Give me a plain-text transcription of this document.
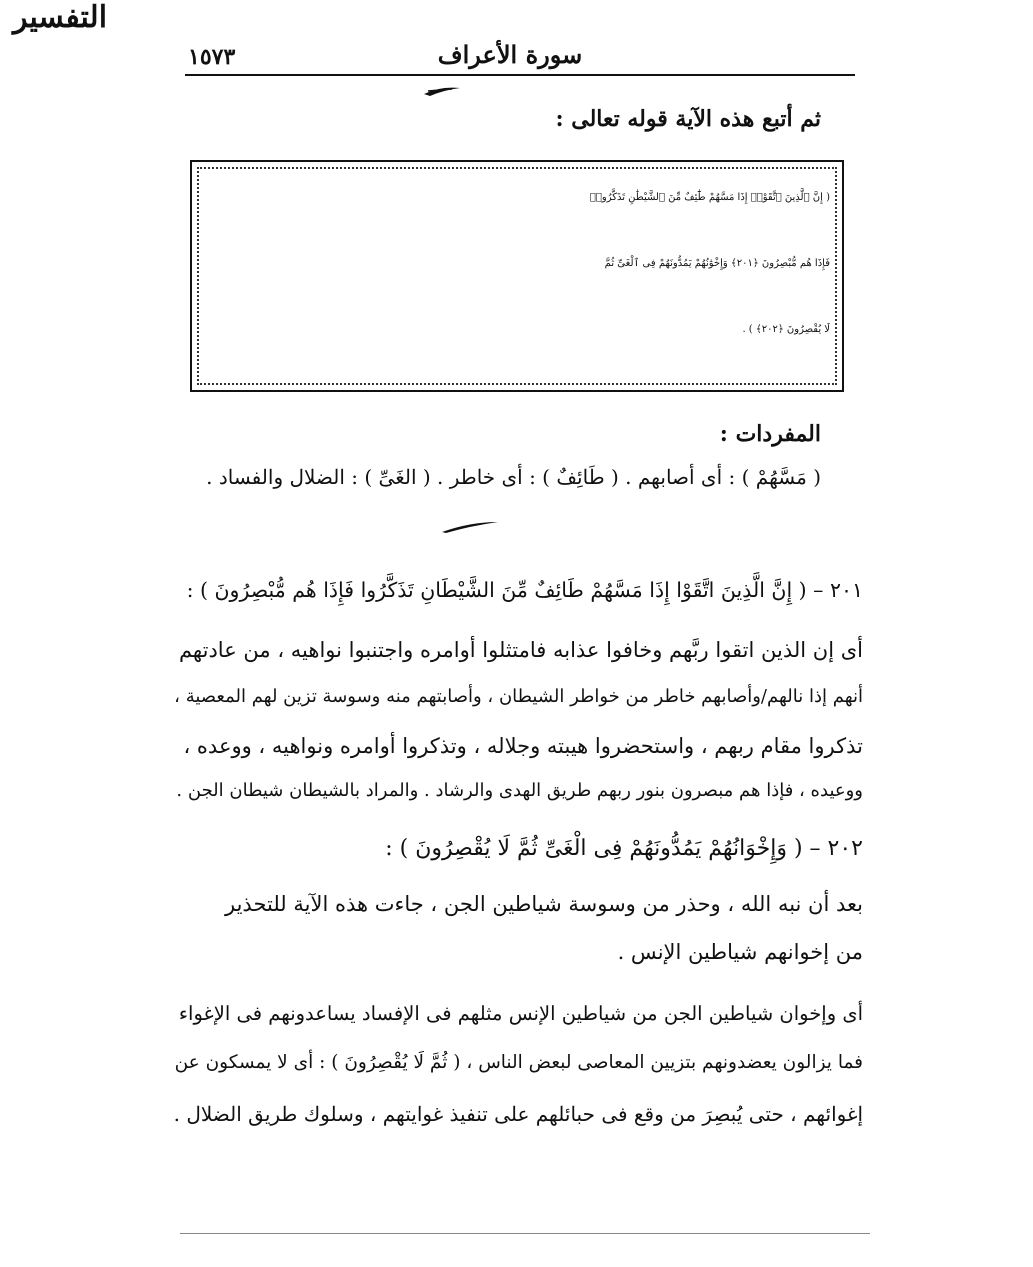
١٥٧٣	سورة الأعراف
ثم أتبع هذه الآية قوله تعالى :
( إِنَّ ٱلَّذِينَ ٱتَّقَوْا۟ إِذَا مَسَّهُمْ طَٰٓئِفٌ مِّنَ ٱلشَّيْطَٰنِ تَذَكَّرُوا۟
فَإِذَا هُم مُّبْصِرُونَ ﴿٢٠١﴾ وَإِخْوَٰنُهُمْ يَمُدُّونَهُمْ فِى ٱلْغَىِّ ثُمَّ
لَا يُقْصِرُونَ ﴿٢٠٢﴾ ) .
المفردات :
( مَسَّهُمْ ) : أى أصابهم . ( طَائِفٌ ) : أى خاطر . ( الغَىِّ ) : الضلال والفساد .
التفسير
٢٠١ – ( إِنَّ الَّذِينَ اتَّقَوْا إِذَا مَسَّهُمْ طَائِفٌ مِّنَ الشَّيْطَانِ تَذَكَّرُوا فَإِذَا هُم مُّبْصِرُونَ ) :
أى إن الذين اتقوا ربَّهم وخافوا عذابه فامتثلوا أوامره واجتنبوا نواهيه ، من عادتهم
أنهم إذا نالهم/وأصابهم خاطر من خواطر الشيطان ، وأصابتهم منه وسوسة تزين لهم المعصية ،
تذكروا مقام ربهم ، واستحضروا هيبته وجلاله ، وتذكروا أوامره ونواهيه ، ووعده ،
ووعيده ، فإذا هم مبصرون بنور ربهم طريق الهدى والرشاد . والمراد بالشيطان شيطان الجن .
٢٠٢ – ( وَإِخْوَانُهُمْ يَمُدُّونَهُمْ فِى الْغَىِّ ثُمَّ لَا يُقْصِرُونَ ) :
بعد أن نبه الله ، وحذر من وسوسة شياطين الجن ، جاءت هذه الآية للتحذير
من إخوانهم شياطين الإنس .
أى وإخوان شياطين الجن من شياطين الإنس مثلهم فى الإفساد يساعدونهم فى الإغواء
فما يزالون يعضدونهم بتزيين المعاصى لبعض الناس ، ( ثُمَّ لَا يُقْصِرُونَ ) : أى لا يمسكون عن
إغوائهم ، حتى يُبصِرَ من وقع فى حبائلهم على تنفيذ غوايتهم ، وسلوك طريق الضلال .
